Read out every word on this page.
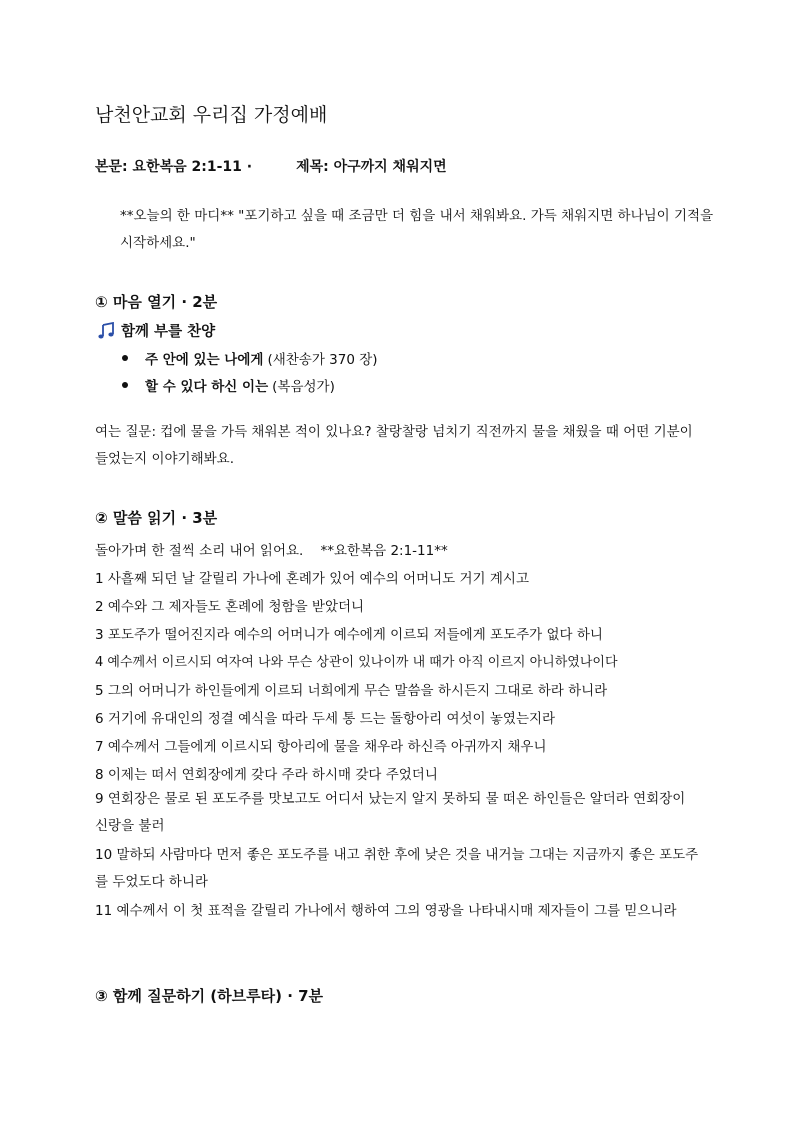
남천안교회 우리집 가정예배
본문: 요한복음 2:1-11 ·	제목: 아구까지 채워지면
**오늘의 한 마디** "포기하고 싶을 때 조금만 더 힘을 내서 채워봐요. 가득 채워지면 하나님이 기적을 시작하세요."
① 마음 열기 · 2분
함께 부를 찬양
주 안에 있는 나에게 (새찬송가 370 장)
할 수 있다 하신 이는 (복음성가)
여는 질문: 컵에 물을 가득 채워본 적이 있나요? 찰랑찰랑 넘치기 직전까지 물을 채웠을 때 어떤 기분이 들었는지 이야기해봐요.
② 말씀 읽기 · 3분
돌아가며 한 절씩 소리 내어 읽어요.    **요한복음 2:1-11**
1 사흘째 되던 날 갈릴리 가나에 혼례가 있어 예수의 어머니도 거기 계시고
2 예수와 그 제자들도 혼례에 청함을 받았더니
3 포도주가 떨어진지라 예수의 어머니가 예수에게 이르되 저들에게 포도주가 없다 하니
4 예수께서 이르시되 여자여 나와 무슨 상관이 있나이까 내 때가 아직 이르지 아니하였나이다
5 그의 어머니가 하인들에게 이르되 너희에게 무슨 말씀을 하시든지 그대로 하라 하니라
6 거기에 유대인의 정결 예식을 따라 두세 통 드는 돌항아리 여섯이 놓였는지라
7 예수께서 그들에게 이르시되 항아리에 물을 채우라 하신즉 아귀까지 채우니
8 이제는 떠서 연회장에게 갖다 주라 하시매 갖다 주었더니
9 연회장은 물로 된 포도주를 맛보고도 어디서 났는지 알지 못하되 물 떠온 하인들은 알더라 연회장이 신랑을 불러
10 말하되 사람마다 먼저 좋은 포도주를 내고 취한 후에 낮은 것을 내거늘 그대는 지금까지 좋은 포도주를 두었도다 하니라
11 예수께서 이 첫 표적을 갈릴리 가나에서 행하여 그의 영광을 나타내시매 제자들이 그를 믿으니라
③ 함께 질문하기 (하브루타) · 7분
